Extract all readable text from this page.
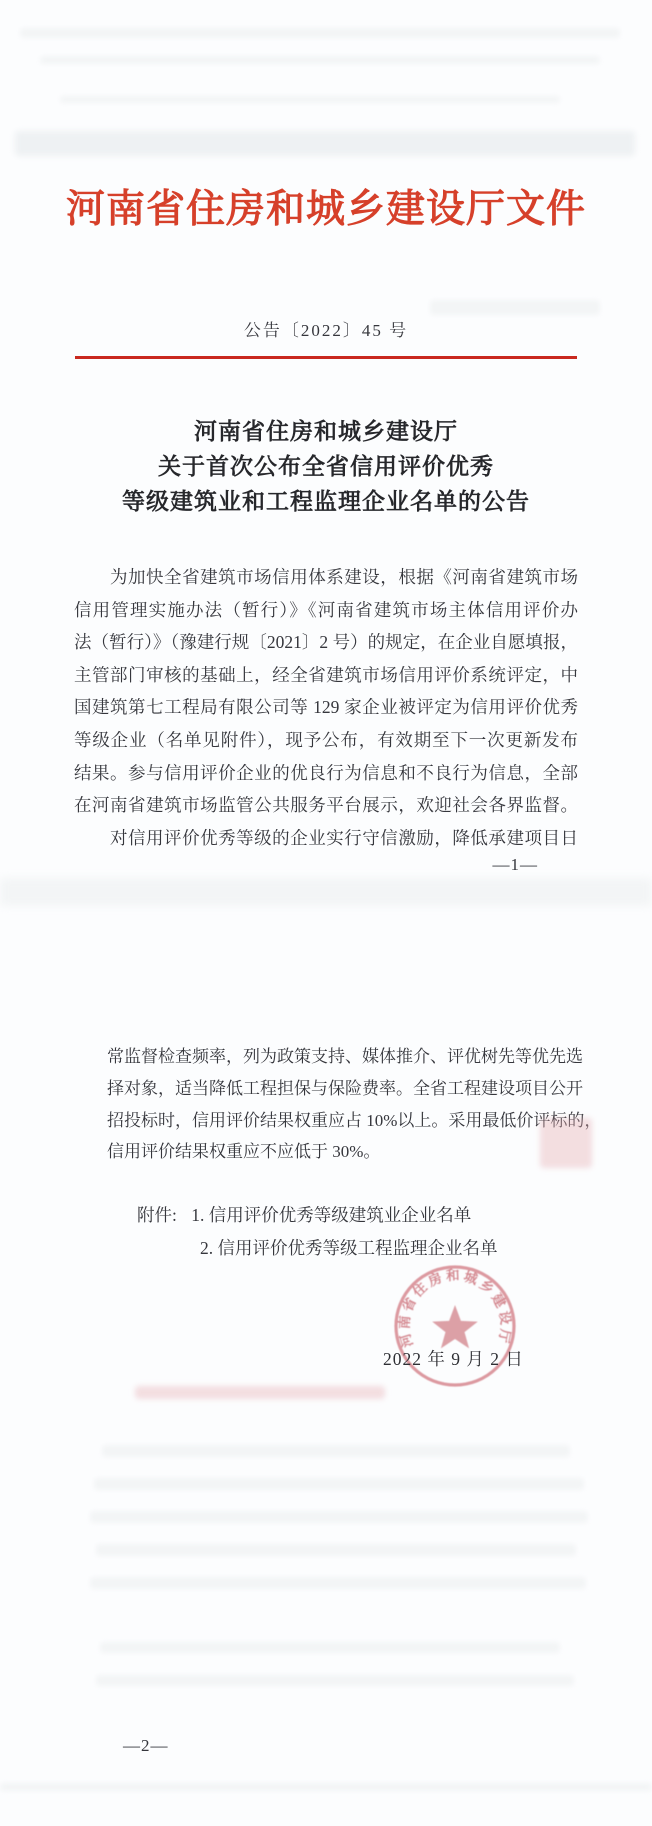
河南省住房和城乡建设厅文件
公告〔2022〕45 号
河南省住房和城乡建设厅
关于首次公布全省信用评价优秀
等级建筑业和工程监理企业名单的公告
为加快全省建筑市场信用体系建设，根据《河南省建筑市场
信用管理实施办法（暂行）》《河南省建筑市场主体信用评价办
法（暂行）》（豫建行规〔2021〕2 号）的规定，在企业自愿填报，
主管部门审核的基础上，经全省建筑市场信用评价系统评定，中
国建筑第七工程局有限公司等 129 家企业被评定为信用评价优秀
等级企业（名单见附件），现予公布，有效期至下一次更新发布
结果。参与信用评价企业的优良行为信息和不良行为信息，全部
在河南省建筑市场监管公共服务平台展示，欢迎社会各界监督。
对信用评价优秀等级的企业实行守信激励，降低承建项目日
—1—
常监督检查频率，列为政策支持、媒体推介、评优树先等优先选
择对象，适当降低工程担保与保险费率。全省工程建设项目公开
招投标时，信用评价结果权重应占 10%以上。采用最低价评标的，
信用评价结果权重应不应低于 30%。
附件: 1. 信用评价优秀等级建筑业企业名单
2. 信用评价优秀等级工程监理企业名单
河南省住房和城乡建设厅
2022 年 9 月 2 日
—2—
